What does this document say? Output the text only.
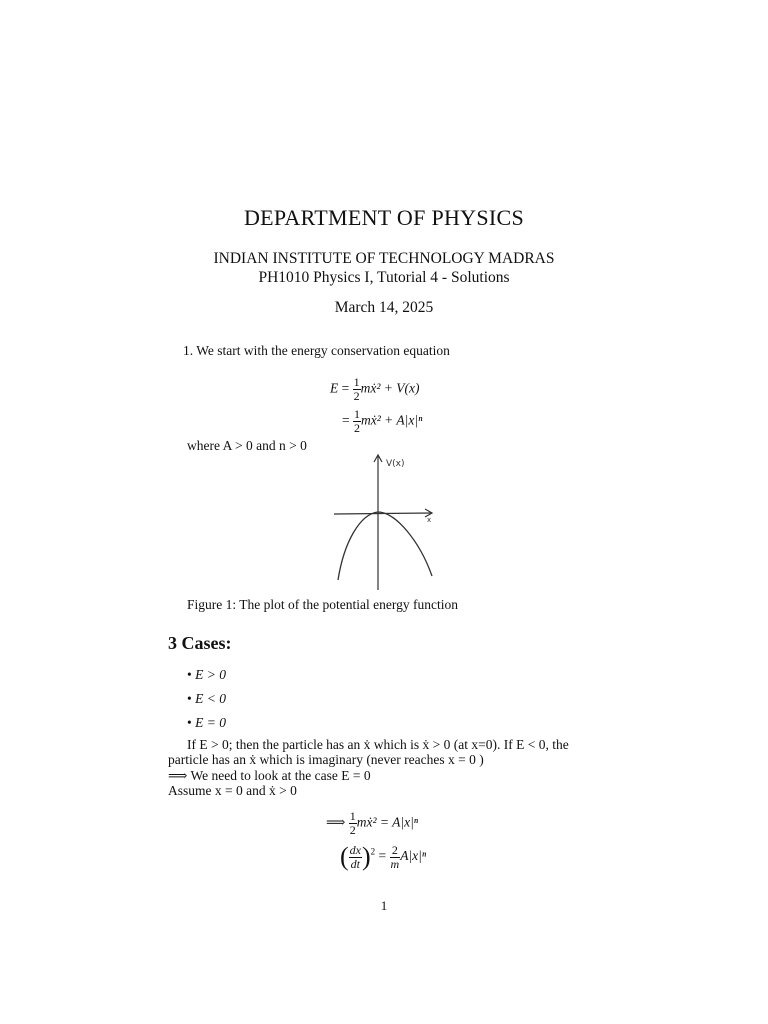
DEPARTMENT OF PHYSICS
INDIAN INSTITUTE OF TECHNOLOGY MADRAS
PH1010 Physics I, Tutorial 4 - Solutions
March 14, 2025
1. We start with the energy conservation equation
$E = \frac{1}{2}$ mẋ² + V(x)
= $\frac{1}{2}$ mẋ² + A|x|ⁿ
where A > 0 and n > 0
V(x)
x
Figure 1: The plot of the potential energy function
3 Cases:
• E > 0
• E < 0
• E = 0
If E > 0; then the particle has an ẋ which is ẋ > 0 (at x=0). If E < 0, the
particle has an ẋ which is imaginary (never reaches x = 0 )
⟹ We need to look at the case E = 0
Assume x = 0 and ẋ > 0
⟹ $\frac{1}{2}$ mẋ² = A|x|ⁿ
( $\frac{dx}{dt} )^2 = \frac{2}{m} A|x|^n$
1
